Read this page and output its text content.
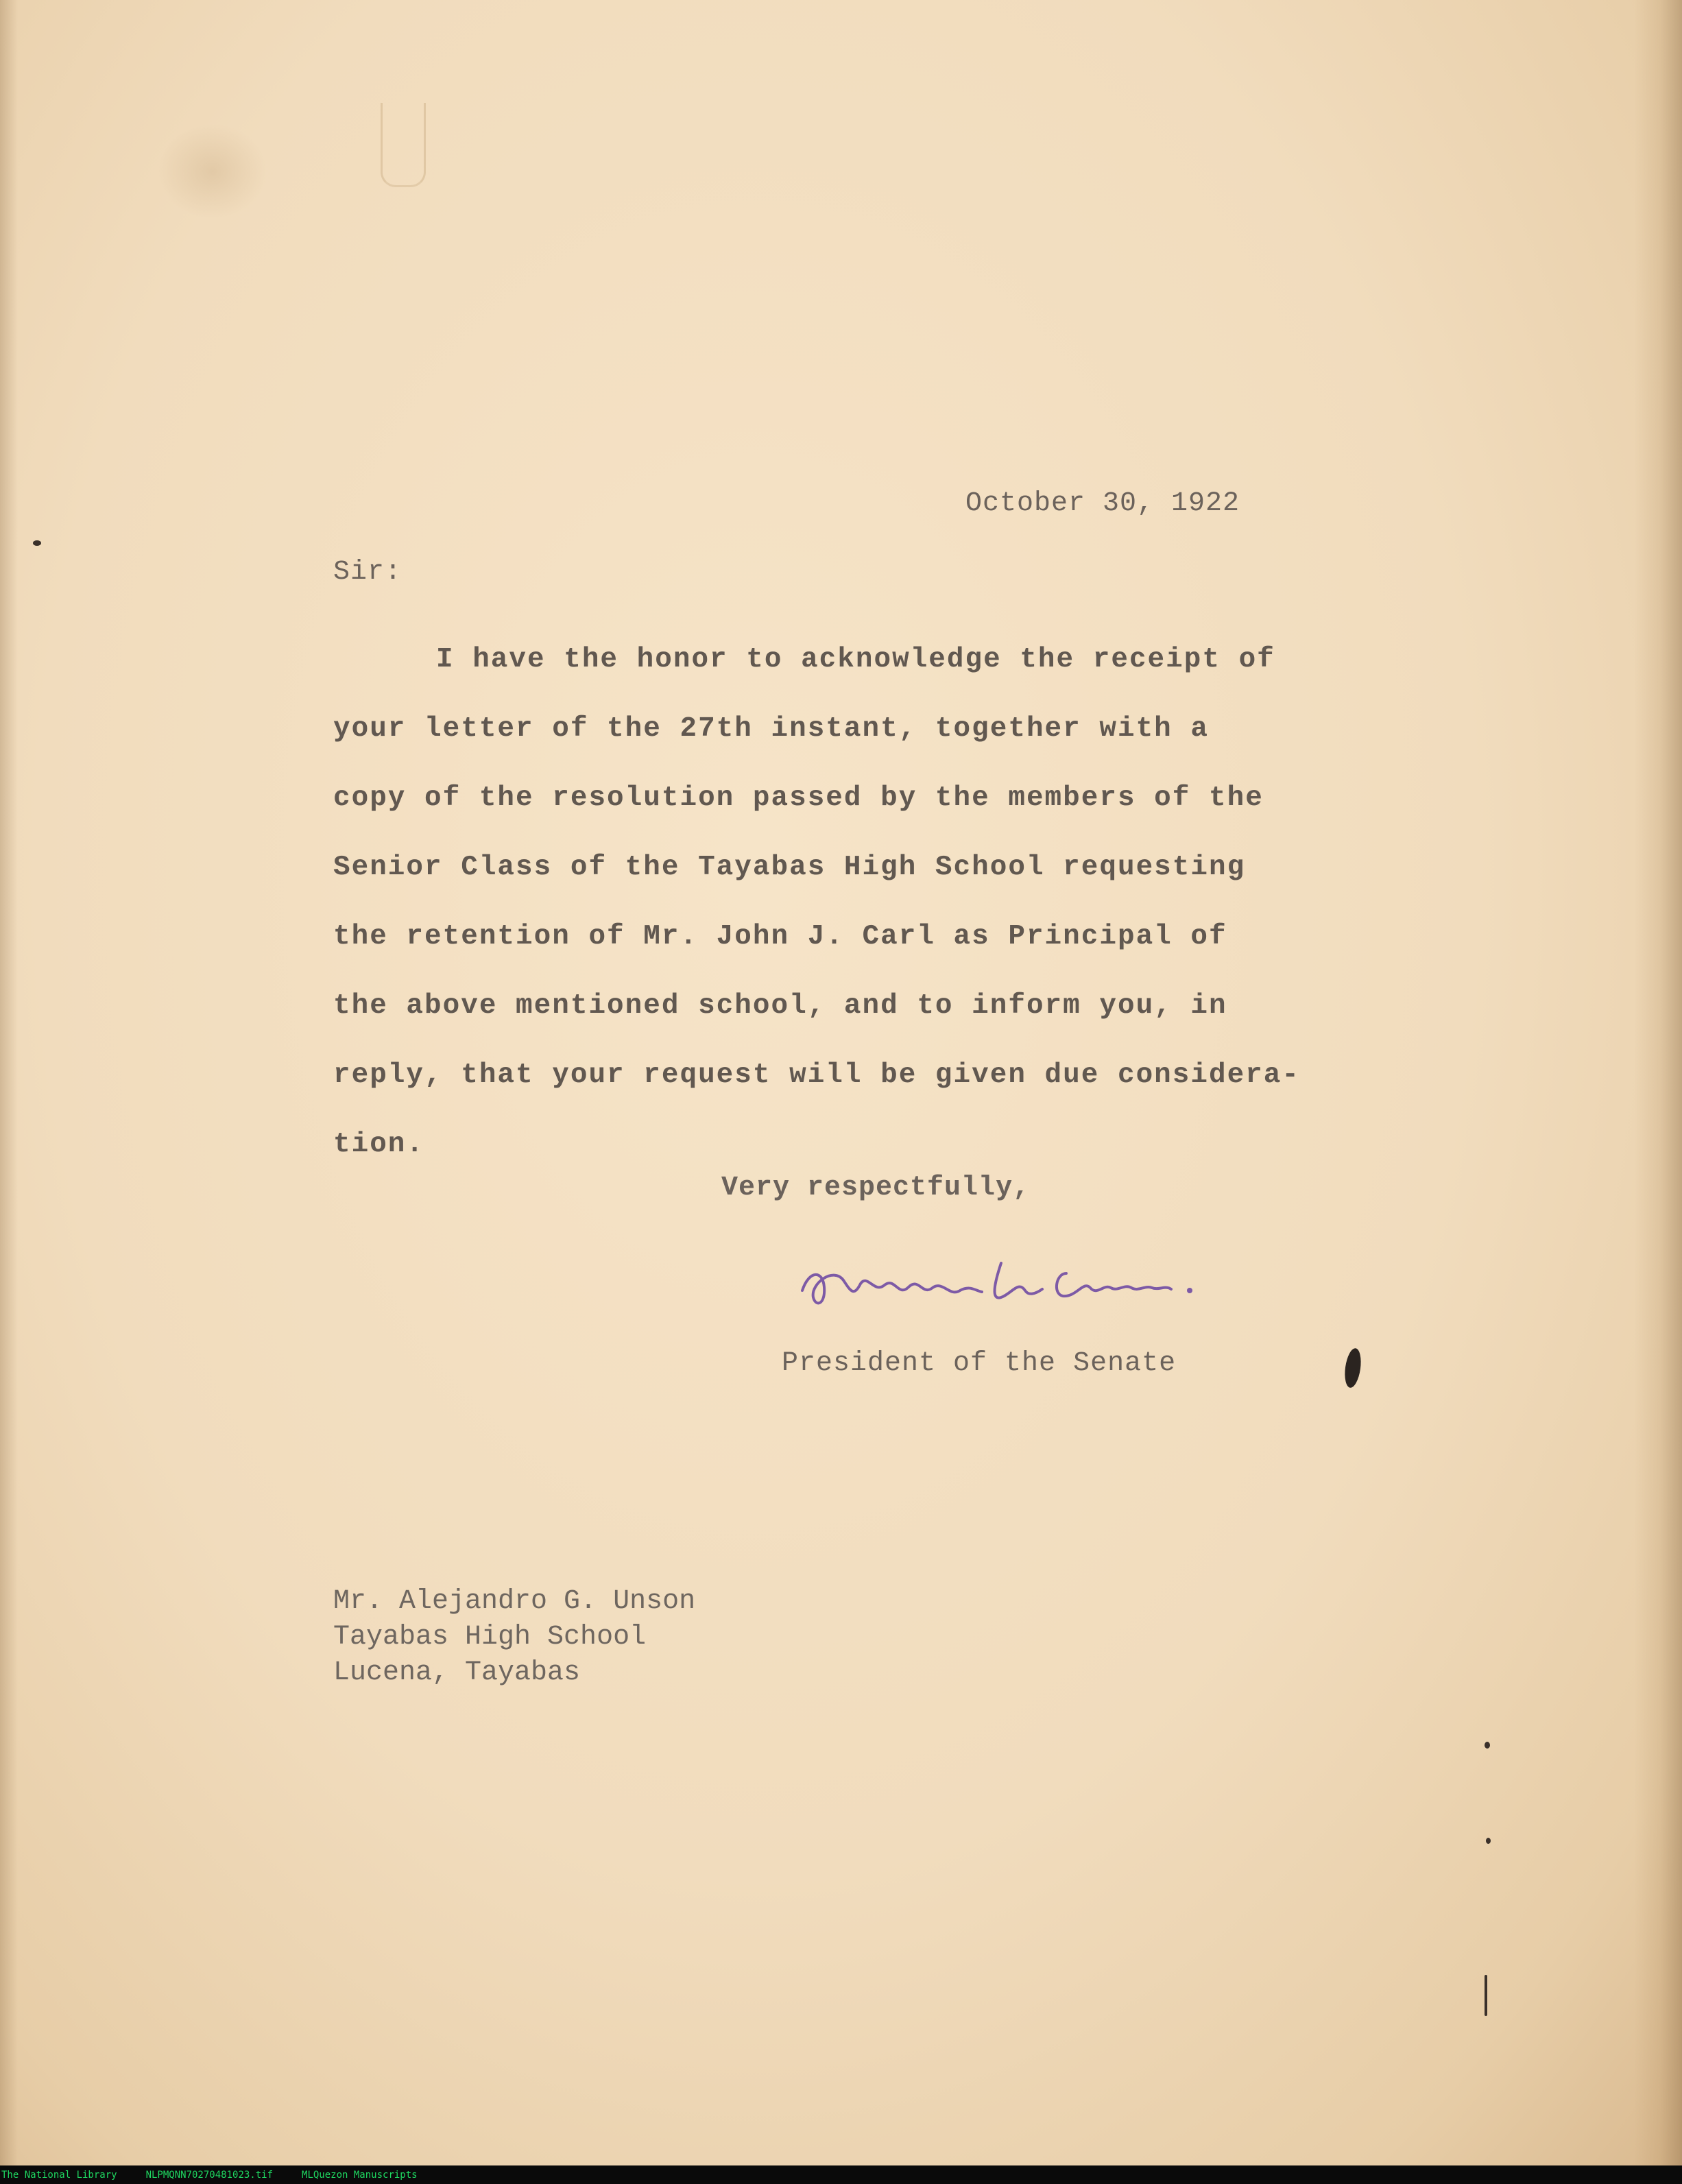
October 30, 1922
Sir:
I have the honor to acknowledge the receipt of
your letter of the 27th instant, together with a
copy of the resolution passed by the members of the
Senior Class of the Tayabas High School requesting
the retention of Mr. John J. Carl as Principal of
the above mentioned school, and to inform you, in
reply, that your request will be given due considera-
tion.
Very respectfully,
President of the Senate
Mr. Alejandro G. Unson
Tayabas High School
Lucena, Tayabas
The National Library	NLPMQNN70270481023.tif	MLQuezon Manuscripts
